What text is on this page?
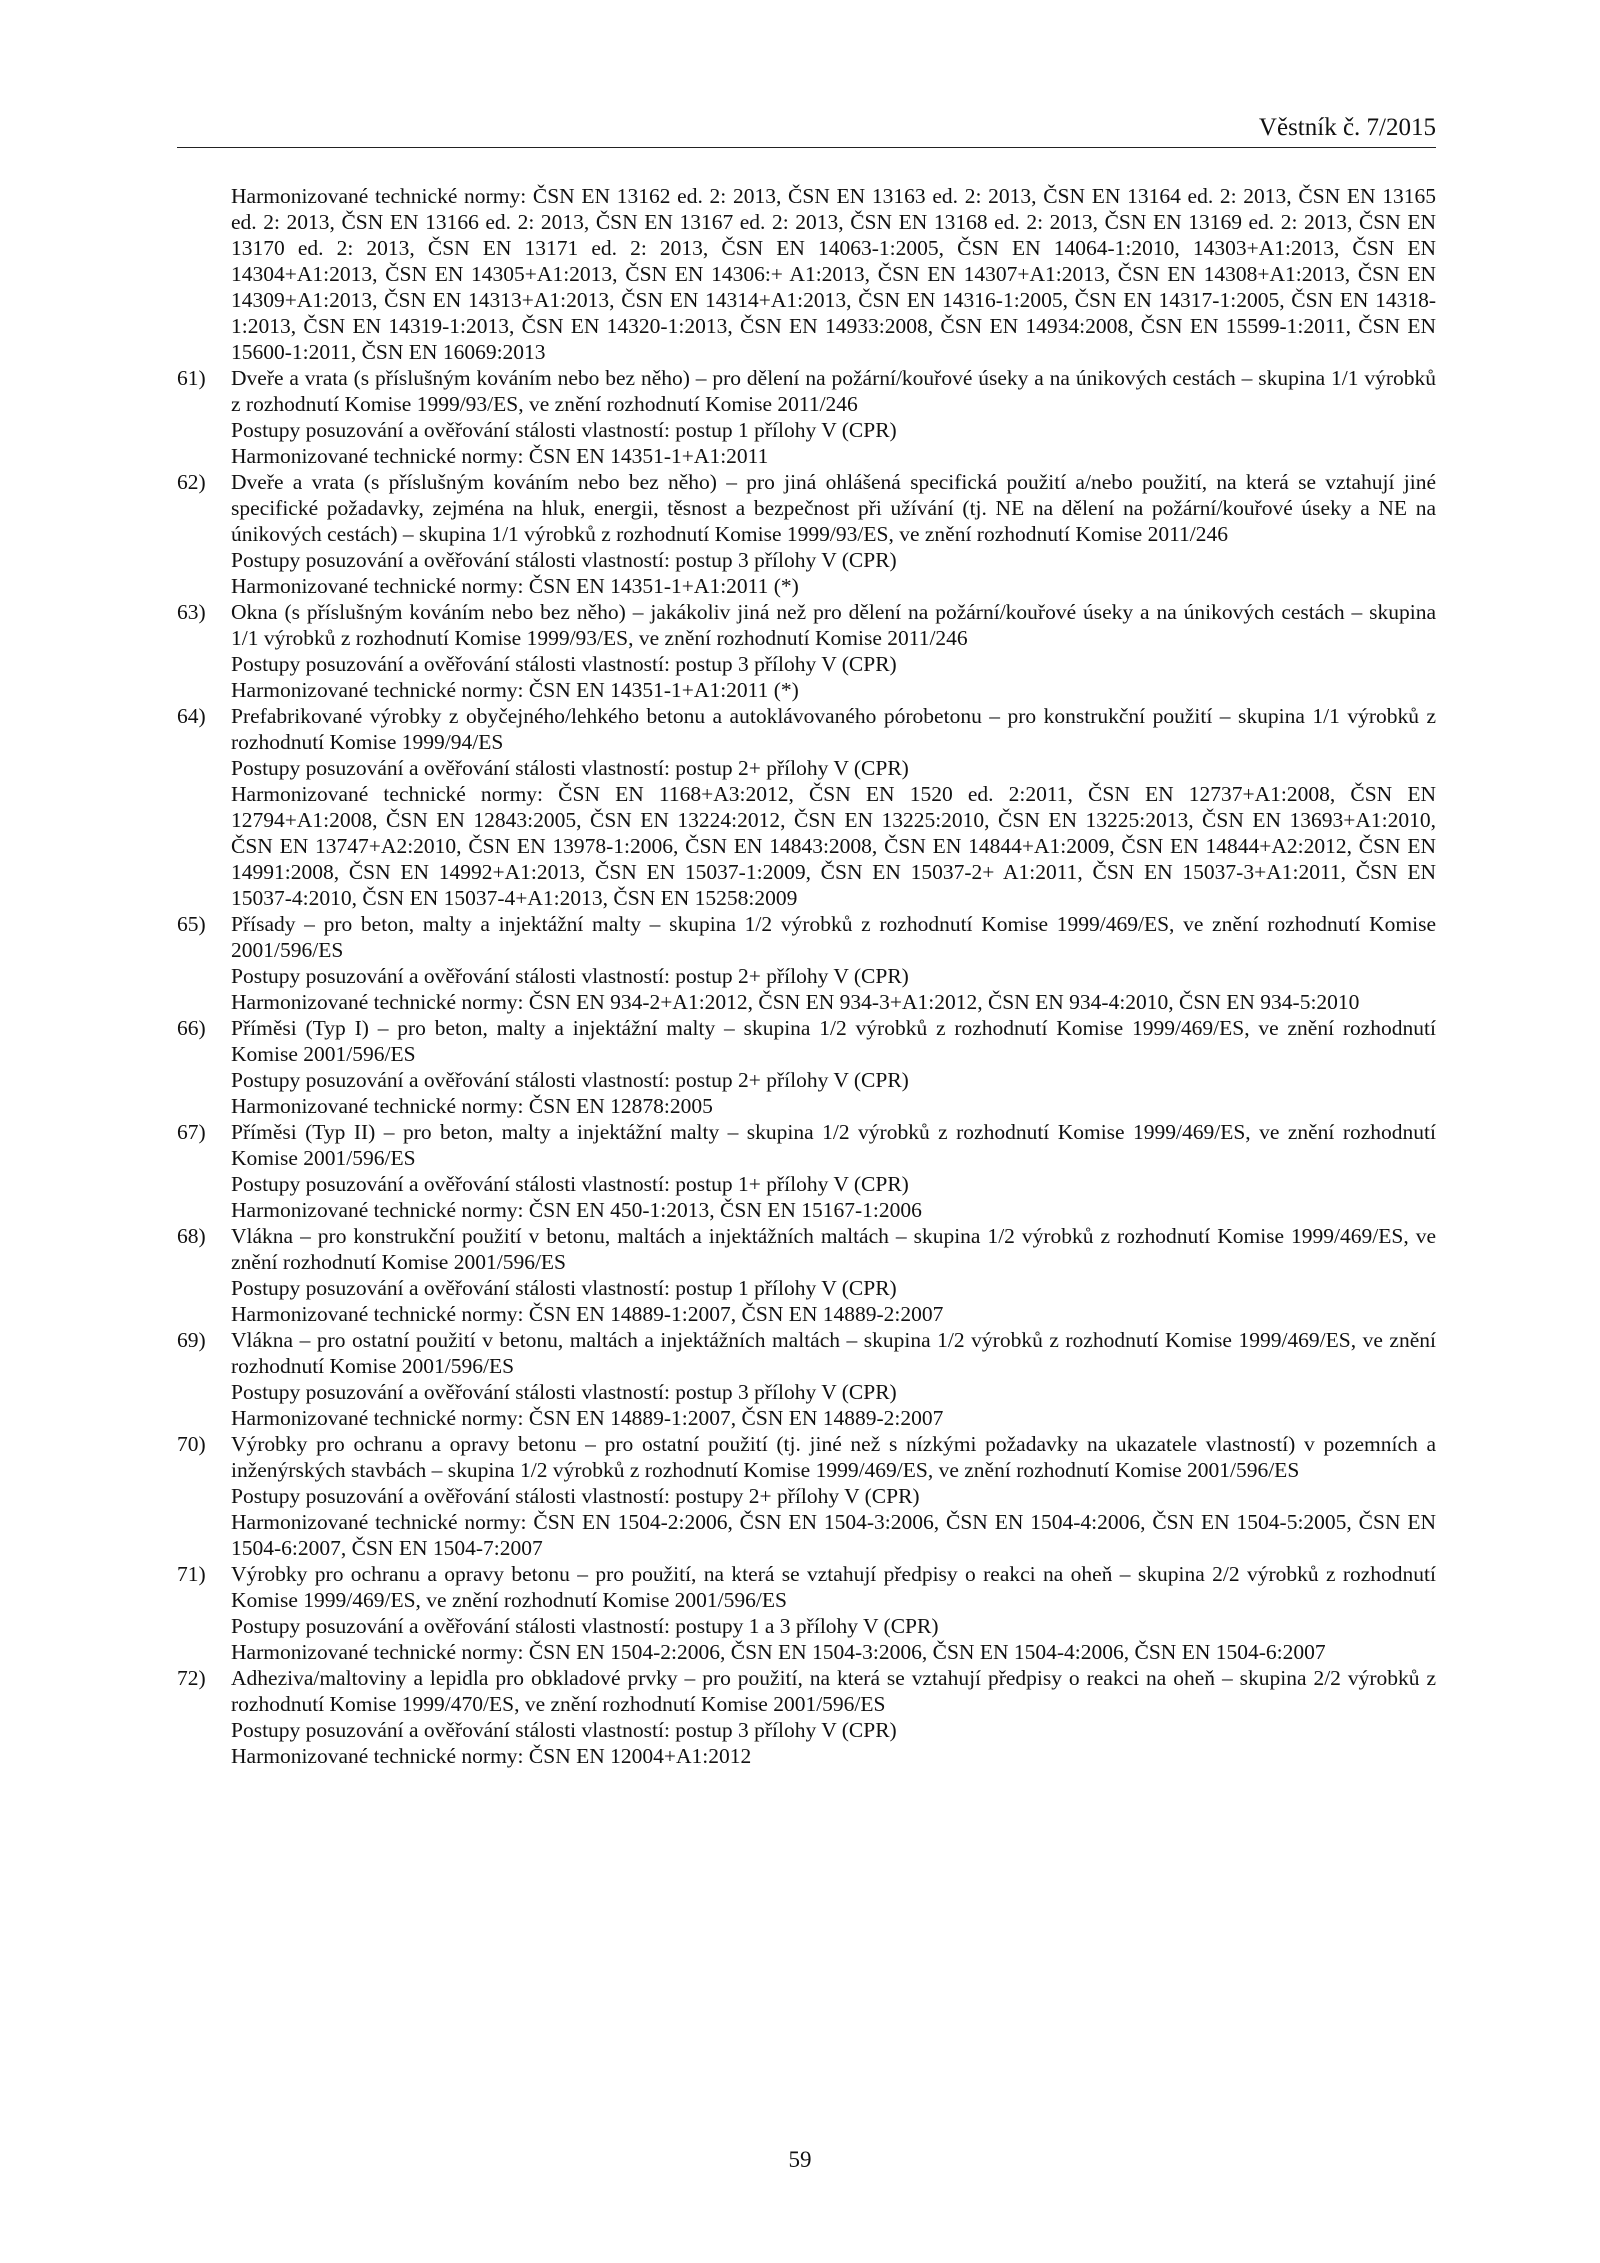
Věstník č. 7/2015

Harmonizované technické normy: ČSN EN 13162 ed. 2: 2013, ČSN EN 13163 ed. 2: 2013, ČSN EN 13164 ed. 2: 2013, ČSN EN 13165 ed. 2: 2013, ČSN EN 13166 ed. 2: 2013, ČSN EN 13167 ed. 2: 2013, ČSN EN 13168 ed. 2: 2013, ČSN EN 13169 ed. 2: 2013, ČSN EN 13170 ed. 2: 2013, ČSN EN 13171 ed. 2: 2013, ČSN EN 14063-1:2005, ČSN EN 14064-1:2010, 14303+A1:2013, ČSN EN 14304+A1:2013, ČSN EN 14305+A1:2013, ČSN EN 14306:+ A1:2013, ČSN EN 14307+A1:2013, ČSN EN 14308+A1:2013, ČSN EN 14309+A1:2013, ČSN EN 14313+A1:2013, ČSN EN 14314+A1:2013, ČSN EN 14316-1:2005, ČSN EN 14317-1:2005, ČSN EN 14318-1:2013, ČSN EN 14319-1:2013, ČSN EN 14320-1:2013, ČSN EN 14933:2008, ČSN EN 14934:2008, ČSN EN 15599-1:2011, ČSN EN 15600-1:2011, ČSN EN 16069:2013

61) Dveře a vrata (s příslušným kováním nebo bez něho) – pro dělení na požární/kouřové úseky a na únikových cestách – skupina 1/1 výrobků z rozhodnutí Komise 1999/93/ES, ve znění rozhodnutí Komise 2011/246
Postupy posuzování a ověřování stálosti vlastností: postup 1 přílohy V (CPR)
Harmonizované technické normy: ČSN EN 14351-1+A1:2011
62) Dveře a vrata (s příslušným kováním nebo bez něho) – pro jiná ohlášená specifická použití a/nebo použití, na která se vztahují jiné specifické požadavky, zejména na hluk, energii, těsnost a bezpečnost při užívání (tj. NE na dělení na požární/kouřové úseky a NE na únikových cestách) – skupina 1/1 výrobků z rozhodnutí Komise 1999/93/ES, ve znění rozhodnutí Komise 2011/246
Postupy posuzování a ověřování stálosti vlastností: postup 3 přílohy V (CPR)
Harmonizované technické normy: ČSN EN 14351-1+A1:2011 (*)
63) Okna (s příslušným kováním nebo bez něho) – jakákoliv jiná než pro dělení na požární/kouřové úseky a na únikových cestách – skupina 1/1 výrobků z rozhodnutí Komise 1999/93/ES, ve znění rozhodnutí Komise 2011/246
Postupy posuzování a ověřování stálosti vlastností: postup 3 přílohy V (CPR)
Harmonizované technické normy: ČSN EN 14351-1+A1:2011 (*)
64) Prefabrikované výrobky z obyčejného/lehkého betonu a autoklávovaného pórobetonu – pro konstrukční použití – skupina 1/1 výrobků z rozhodnutí Komise 1999/94/ES
Postupy posuzování a ověřování stálosti vlastností: postup 2+ přílohy V (CPR)
Harmonizované technické normy: ČSN EN 1168+A3:2012, ČSN EN 1520 ed. 2:2011, ČSN EN 12737+A1:2008, ČSN EN 12794+A1:2008, ČSN EN 12843:2005, ČSN EN 13224:2012, ČSN EN 13225:2010, ČSN EN 13225:2013, ČSN EN 13693+A1:2010, ČSN EN 13747+A2:2010, ČSN EN 13978-1:2006, ČSN EN 14843:2008, ČSN EN 14844+A1:2009, ČSN EN 14844+A2:2012, ČSN EN 14991:2008, ČSN EN 14992+A1:2013, ČSN EN 15037-1:2009, ČSN EN 15037-2+ A1:2011, ČSN EN 15037-3+A1:2011, ČSN EN 15037-4:2010, ČSN EN 15037-4+A1:2013, ČSN EN 15258:2009
65) Přísady – pro beton, malty a injektážní malty – skupina 1/2 výrobků z rozhodnutí Komise 1999/469/ES, ve znění rozhodnutí Komise 2001/596/ES
Postupy posuzování a ověřování stálosti vlastností: postup 2+ přílohy V (CPR)
Harmonizované technické normy: ČSN EN 934-2+A1:2012, ČSN EN 934-3+A1:2012, ČSN EN 934-4:2010, ČSN EN 934-5:2010
66) Příměsi (Typ I) – pro beton, malty a injektážní malty – skupina 1/2 výrobků z rozhodnutí Komise 1999/469/ES, ve znění rozhodnutí Komise 2001/596/ES
Postupy posuzování a ověřování stálosti vlastností: postup 2+ přílohy V (CPR)
Harmonizované technické normy: ČSN EN 12878:2005
67) Příměsi (Typ II) – pro beton, malty a injektážní malty – skupina 1/2 výrobků z rozhodnutí Komise 1999/469/ES, ve znění rozhodnutí Komise 2001/596/ES
Postupy posuzování a ověřování stálosti vlastností: postup 1+ přílohy V (CPR)
Harmonizované technické normy: ČSN EN 450-1:2013, ČSN EN 15167-1:2006
68) Vlákna – pro konstrukční použití v betonu, maltách a injektážních maltách – skupina 1/2 výrobků z rozhodnutí Komise 1999/469/ES, ve znění rozhodnutí Komise 2001/596/ES
Postupy posuzování a ověřování stálosti vlastností: postup 1 přílohy V (CPR)
Harmonizované technické normy: ČSN EN 14889-1:2007, ČSN EN 14889-2:2007
69) Vlákna – pro ostatní použití v betonu, maltách a injektážních maltách – skupina 1/2 výrobků z rozhodnutí Komise 1999/469/ES, ve znění rozhodnutí Komise 2001/596/ES
Postupy posuzování a ověřování stálosti vlastností: postup 3 přílohy V (CPR)
Harmonizované technické normy: ČSN EN 14889-1:2007, ČSN EN 14889-2:2007
70) Výrobky pro ochranu a opravy betonu – pro ostatní použití (tj. jiné než s nízkými požadavky na ukazatele vlastností) v pozemních a inženýrských stavbách – skupina 1/2 výrobků z rozhodnutí Komise 1999/469/ES, ve znění rozhodnutí Komise 2001/596/ES
Postupy posuzování a ověřování stálosti vlastností: postupy 2+ přílohy V (CPR)
Harmonizované technické normy: ČSN EN 1504-2:2006, ČSN EN 1504-3:2006, ČSN EN 1504-4:2006, ČSN EN 1504-5:2005, ČSN EN 1504-6:2007, ČSN EN 1504-7:2007
71) Výrobky pro ochranu a opravy betonu – pro použití, na která se vztahují předpisy o reakci na oheň – skupina 2/2 výrobků z rozhodnutí Komise 1999/469/ES, ve znění rozhodnutí Komise 2001/596/ES
Postupy posuzování a ověřování stálosti vlastností: postupy 1 a 3 přílohy V (CPR)
Harmonizované technické normy: ČSN EN 1504-2:2006, ČSN EN 1504-3:2006, ČSN EN 1504-4:2006, ČSN EN 1504-6:2007
72) Adheziva/maltoviny a lepidla pro obkladové prvky – pro použití, na která se vztahují předpisy o reakci na oheň – skupina 2/2 výrobků z rozhodnutí Komise 1999/470/ES, ve znění rozhodnutí Komise 2001/596/ES
Postupy posuzování a ověřování stálosti vlastností: postup 3 přílohy V (CPR)
Harmonizované technické normy: ČSN EN 12004+A1:2012
59
